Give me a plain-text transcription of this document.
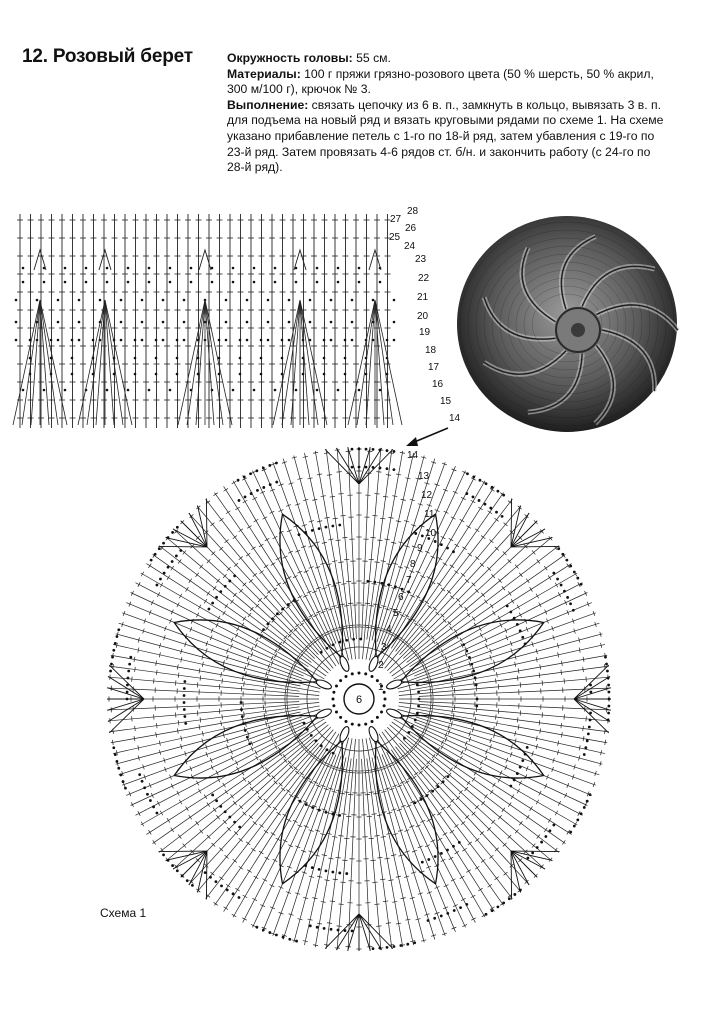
12. Розовый берет	Окружность головы: 55 см.

Материалы: 100 г пряжи грязно-розового цвета (50 % шерсть, 50 % акрил, 300 м/100 г), крючок № 3.

Выполнение: связать цепочку из 6 в. п., замкнуть в кольцо, вывязать 3 в. п. для подъема на новый ряд и вязать круговыми рядами по схеме 1. На схеме указано прибавление петель с 1-го по 18-й ряд, затем убавления с 19-го по 23-й ряд. Затем провязать 4-6 рядов ст. б/н. и закончить работу (с 24-го по 28-й ряд).

28
27
26
25
24
23
22
21
20
19
18
17
16
15
14
6
14
13
12
11
10
9
8
7
6
5
4
3
2
1
Схема 1
